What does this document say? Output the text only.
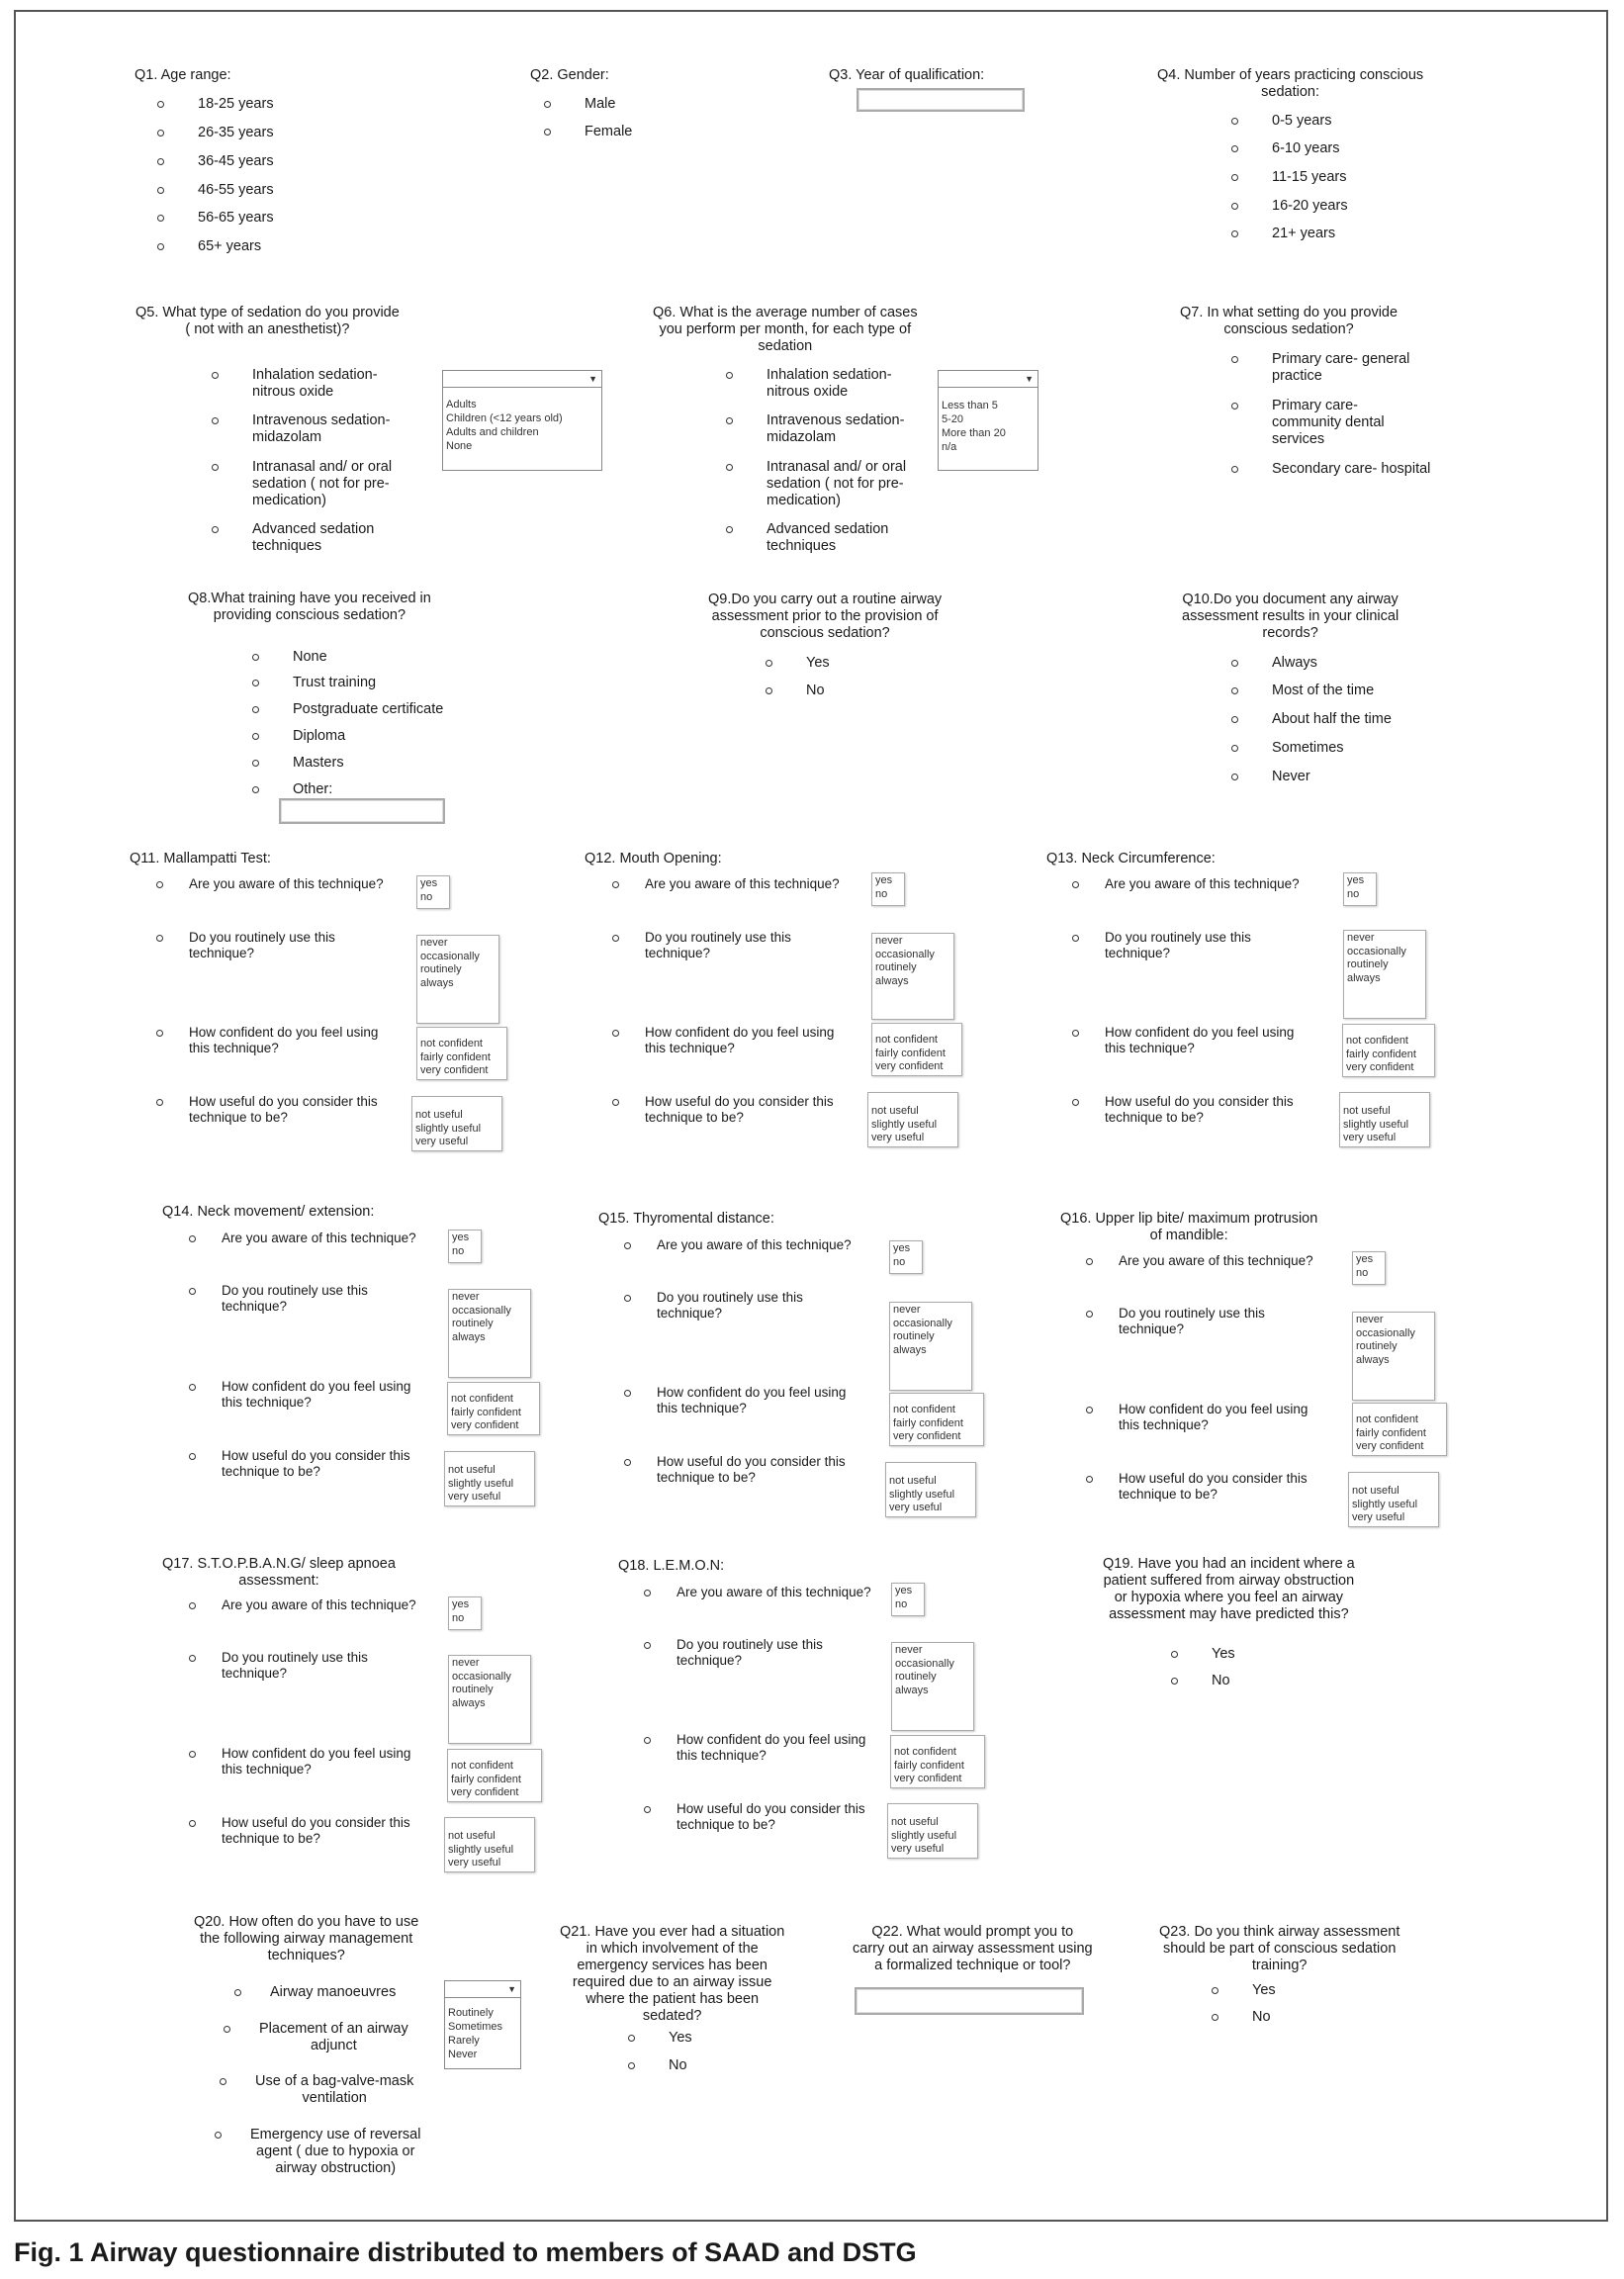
Q1. Age range:
18-25 years
26-35 years
36-45 years
46-55 years
56-65 years
65+ years
Q2. Gender:
Male
Female
Q3. Year of qualification:	Q4. Number of years practicing conscious
sedation:
0-5 years
6-10 years
11-15 years
16-20 years
21+ years
Q5. What type of sedation do you provide
( not with an anesthetist)?
Inhalation sedation-
nitrous oxide
Intravenous sedation-
midazolam
Intranasal and/ or oral
sedation ( not for pre-
medication)
Advanced sedation
techniques
▼
Adults
Children (<12 years old)
Adults and children
None
Q6. What is the average number of cases
you perform per month, for each type of
sedation
Inhalation sedation-
nitrous oxide
Intravenous sedation-
midazolam
Intranasal and/ or oral
sedation ( not for pre-
medication)
Advanced sedation
techniques
▼
Less than 5
5-20
More than 20
n/a
Q7. In what setting do you provide
conscious sedation?
Primary care- general
practice
Primary care-
community dental
services
Secondary care- hospital
Q8.What training have you received in
providing conscious sedation?
None
Trust training
Postgraduate certificate
Diploma
Masters
Other:
Q9.Do you carry out a routine airway
assessment prior to the provision of
conscious sedation?
Yes
No
Q10.Do you document any airway
assessment results in your clinical
records?
Always
Most of the time
About half the time
Sometimes
Never
Q11. Mallampatti Test:
Are you aware of this technique?	yes
no
Do you routinely use this
technique?
never
occasionally
routinely
always
How confident do you feel using
this technique?	not confident
fairly confident
very confident
How useful do you consider this
technique to be?	not useful
slightly useful
very useful
Q12. Mouth Opening:
Are you aware of this technique?	yes
no
Do you routinely use this
technique?
never
occasionally
routinely
always
How confident do you feel using
this technique?
not confident
fairly confident
very confident
How useful do you consider this
technique to be?	not useful
slightly useful
very useful
Q13. Neck Circumference:
Are you aware of this technique?	yes
no
Do you routinely use this
technique?
never
occasionally
routinely
always
How confident do you feel using
this technique?	not confident
fairly confident
very confident
How useful do you consider this
technique to be?	not useful
slightly useful
very useful
Q14. Neck movement/ extension:
Are you aware of this technique?	yes
no
Do you routinely use this
technique?
never
occasionally
routinely
always
How confident do you feel using
this technique?	not confident
fairly confident
very confident
How useful do you consider this
technique to be?	not useful
slightly useful
very useful
Q15. Thyromental distance:
Are you aware of this technique?	yes
no
Do you routinely use this
technique?	never
occasionally
routinely
always
How confident do you feel using
this technique?	not confident
fairly confident
very confident
How useful do you consider this
technique to be?	not useful
slightly useful
very useful
Q16. Upper lip bite/ maximum protrusion
of mandible:
Are you aware of this technique?	yes
no
Do you routinely use this
technique?
never
occasionally
routinely
always
How confident do you feel using
this technique?	not confident
fairly confident
very confident
How useful do you consider this
technique to be?	not useful
slightly useful
very useful
Q17. S.T.O.P.B.A.N.G/ sleep apnoea
assessment:
Are you aware of this technique?	yes
no
Do you routinely use this
technique?
never
occasionally
routinely
always
How confident do you feel using
this technique?	not confident
fairly confident
very confident
How useful do you consider this
technique to be?	not useful
slightly useful
very useful
Q18. L.E.M.O.N:
Are you aware of this technique? yes
no
Do you routinely use this
technique?
never
occasionally
routinely
always
How confident do you feel using
this technique?	not confident
fairly confident
very confident
How useful do you consider this
technique to be?	not useful
slightly useful
very useful
Q19. Have you had an incident where a
patient suffered from airway obstruction
or hypoxia where you feel an airway
assessment may have predicted this?
Yes
No
Q20. How often do you have to use
the following airway management
techniques?
Airway manoeuvres
Placement of an airway
adjunct
Use of a bag-valve-mask
ventilation
Emergency use of reversal
agent ( due to hypoxia or
airway obstruction)
▼
Routinely
Sometimes
Rarely
Never
Q21. Have you ever had a situation
in which involvement of the
emergency services has been
required due to an airway issue
where the patient has been
sedated?
Yes
No
Q22. What would prompt you to
carry out an airway assessment using
a formalized technique or tool?
Q23. Do you think airway assessment
should be part of conscious sedation
training?
Yes
No
Fig. 1 Airway questionnaire distributed to members of SAAD and DSTG
